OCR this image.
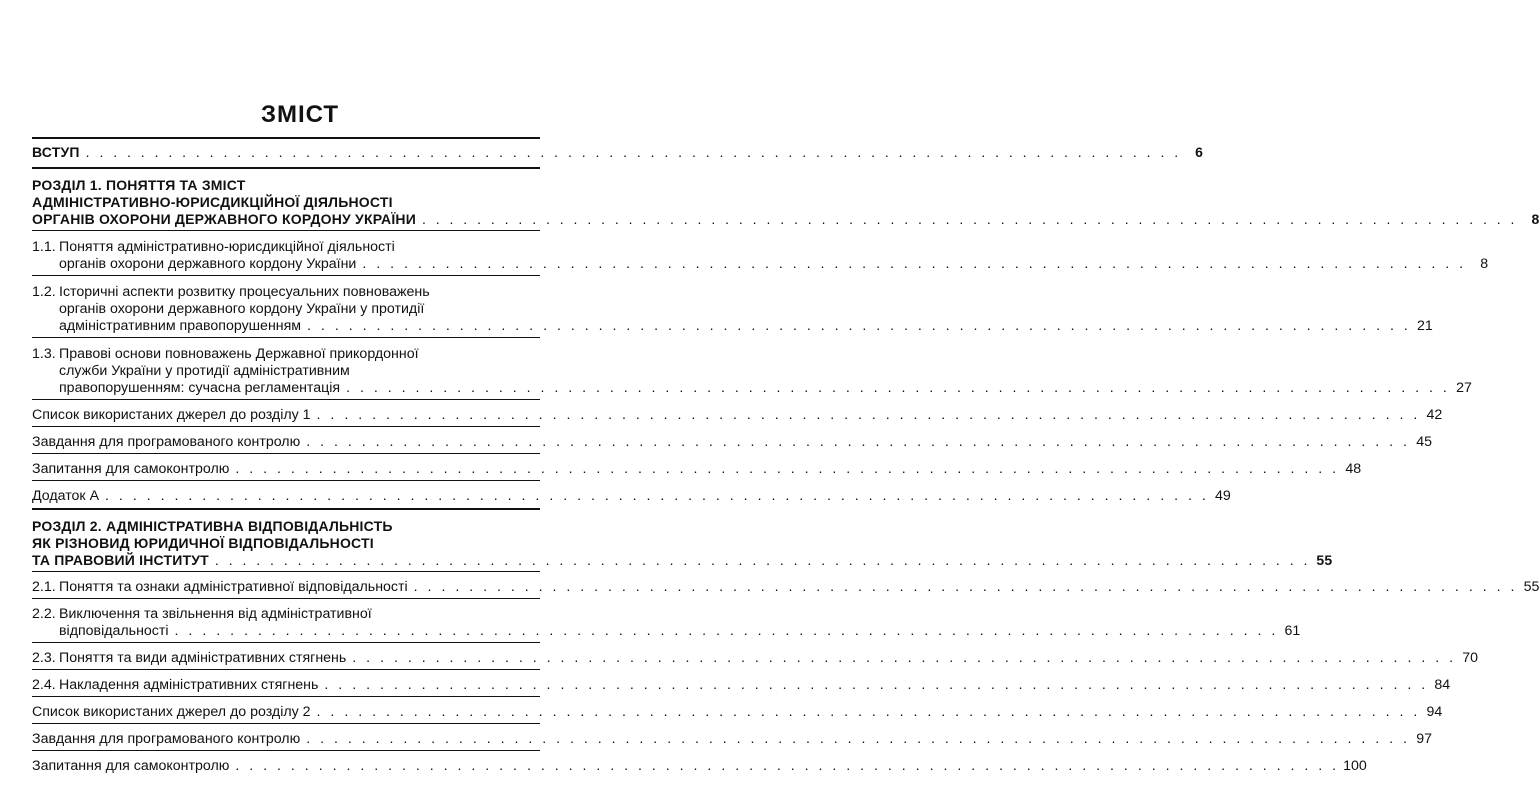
ЗМІСТ
ВСТУП . . . . . . . . . . . . . . . . . . . . . . . . . . . . . . . . . . . . . . . . . . . . . . . . . . . . . . . . . . . . . . . . . . . . . . . . . . . . . . . .	6
РОЗДІЛ 1. ПОНЯТТЯ ТА ЗМІСТ
АДМІНІСТРАТИВНО-ЮРИСДИКЦІЙНОЇ ДІЯЛЬНОСТІ
ОРГАНІВ ОХОРОНИ ДЕРЖАВНОГО КОРДОНУ УКРАЇНИ . . . . . . . . . . . . . . . . . . . . . . . . . . . . . . . . . . . . . . . . . . . . . . . . . . . . . . . . . . . . . . . . . . . . . . . . . . . . . . . .	8
1.1. Поняття адміністративно-юрисдикційної діяльності
органів охорони державного кордону України . . . . . . . . . . . . . . . . . . . . . . . . . . . . . . . . . . . . . . . . . . . . . . . . . . . . . . . . . . . . . . . . . . . . . . . . . . . . . . . . 8
1.2. Історичні аспекти розвитку процесуальних повноважень
органів охорони державного кордону України у протидії
адміністративним правопорушенням . . . . . . . . . . . . . . . . . . . . . . . . . . . . . . . . . . . . . . . . . . . . . . . . . . . . . . . . . . . . . . . . . . . . . . . . . . . . . . . . 21
1.3. Правові основи повноважень Державної прикордонної
служби України у протидії адміністративним
правопорушенням: сучасна регламентація . . . . . . . . . . . . . . . . . . . . . . . . . . . . . . . . . . . . . . . . . . . . . . . . . . . . . . . . . . . . . . . . . . . . . . . . . . . . . . . . 27
Список використаних джерел до розділу 1 . . . . . . . . . . . . . . . . . . . . . . . . . . . . . . . . . . . . . . . . . . . . . . . . . . . . . . . . . . . . . . . . . . . . . . . . . . . . . . . . 42
Завдання для програмованого контролю . . . . . . . . . . . . . . . . . . . . . . . . . . . . . . . . . . . . . . . . . . . . . . . . . . . . . . . . . . . . . . . . . . . . . . . . . . . . . . . . 45
Запитання для самоконтролю . . . . . . . . . . . . . . . . . . . . . . . . . . . . . . . . . . . . . . . . . . . . . . . . . . . . . . . . . . . . . . . . . . . . . . . . . . . . . . . . 48
Додаток А . . . . . . . . . . . . . . . . . . . . . . . . . . . . . . . . . . . . . . . . . . . . . . . . . . . . . . . . . . . . . . . . . . . . . . . . . . . . . . . . 49
РОЗДІЛ 2. АДМІНІСТРАТИВНА ВІДПОВІДАЛЬНІСТЬ
ЯК РІЗНОВИД ЮРИДИЧНОЇ ВІДПОВІДАЛЬНОСТІ
ТА ПРАВОВИЙ ІНСТИТУТ . . . . . . . . . . . . . . . . . . . . . . . . . . . . . . . . . . . . . . . . . . . . . . . . . . . . . . . . . . . . . . . . . . . . . . . . . . . . . . . . 55
2.1. Поняття та ознаки адміністративної відповідальності . . . . . . . . . . . . . . . . . . . . . . . . . . . . . . . . . . . . . . . . . . . . . . . . . . . . . . . . . . . . . . . . . . . . . . . . . . . . . . . . 55
2.2. Виключення та звільнення від адміністративної
відповідальності . . . . . . . . . . . . . . . . . . . . . . . . . . . . . . . . . . . . . . . . . . . . . . . . . . . . . . . . . . . . . . . . . . . . . . . . . . . . . . . . 61
2.3. Поняття та види адміністративних стягнень . . . . . . . . . . . . . . . . . . . . . . . . . . . . . . . . . . . . . . . . . . . . . . . . . . . . . . . . . . . . . . . . . . . . . . . . . . . . . . . . 70
2.4. Накладення адміністративних стягнень . . . . . . . . . . . . . . . . . . . . . . . . . . . . . . . . . . . . . . . . . . . . . . . . . . . . . . . . . . . . . . . . . . . . . . . . . . . . . . . . 84
Список використаних джерел до розділу 2 . . . . . . . . . . . . . . . . . . . . . . . . . . . . . . . . . . . . . . . . . . . . . . . . . . . . . . . . . . . . . . . . . . . . . . . . . . . . . . . . 94
Завдання для програмованого контролю . . . . . . . . . . . . . . . . . . . . . . . . . . . . . . . . . . . . . . . . . . . . . . . . . . . . . . . . . . . . . . . . . . . . . . . . . . . . . . . . 97
Запитання для самоконтролю . . . . . . . . . . . . . . . . . . . . . . . . . . . . . . . . . . . . . . . . . . . . . . . . . . . . . . . . . . . . . . . . . . . . . . . . . . . . . . . . 100
